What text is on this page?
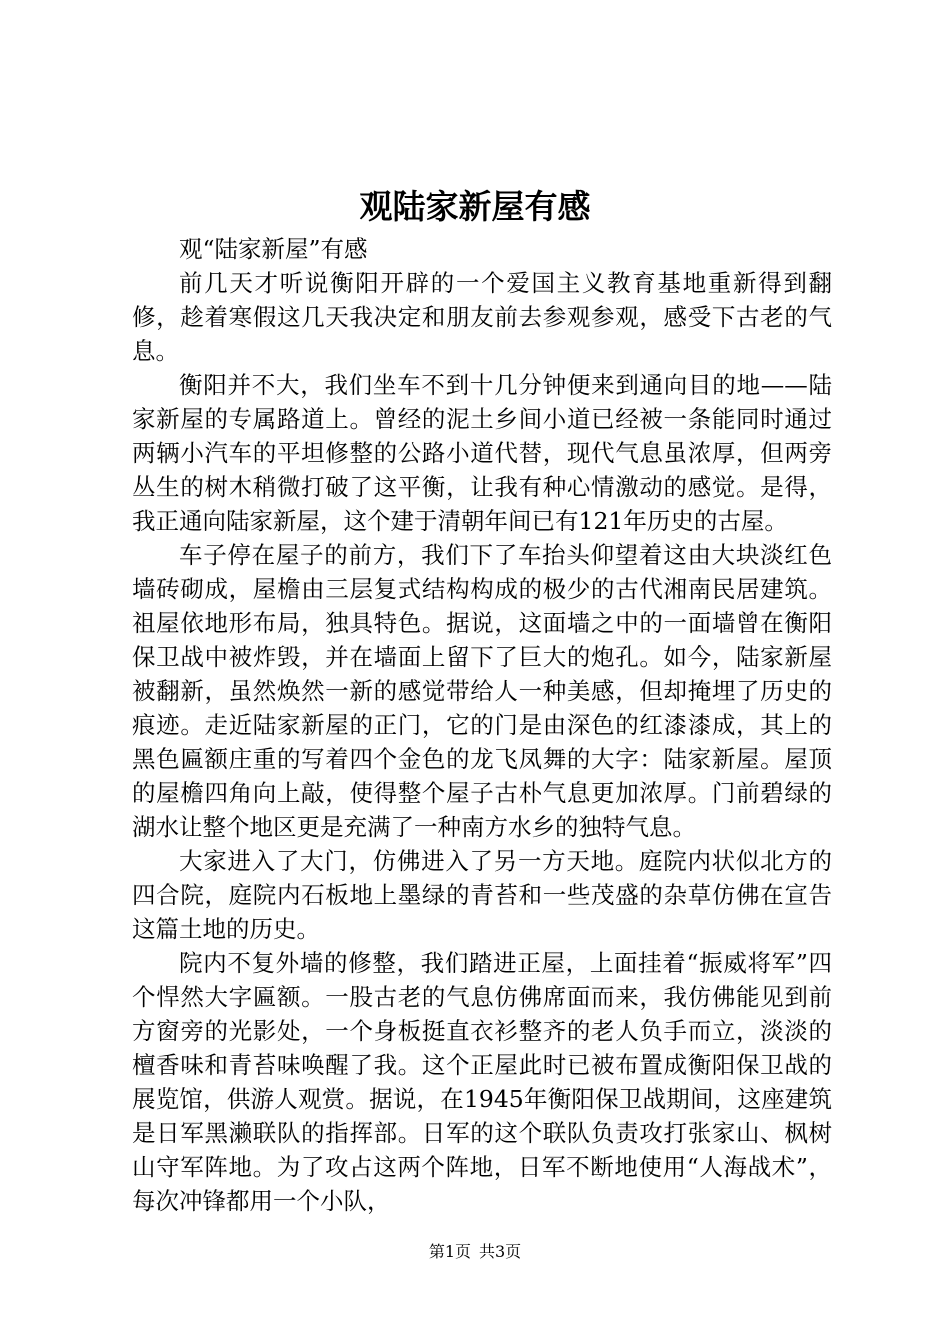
观陆家新屋有感

观“陆家新屋”有感

前几天才听说衡阳开辟的一个爱国主义教育基地重新得到翻修，趁着寒假这几天我决定和朋友前去参观参观，感受下古老的气息。

衡阳并不大，我们坐车不到十几分钟便来到通向目的地——陆家新屋的专属路道上。曾经的泥土乡间小道已经被一条能同时通过两辆小汽车的平坦修整的公路小道代替，现代气息虽浓厚，但两旁丛生的树木稍微打破了这平衡，让我有种心情激动的感觉。是得，我正通向陆家新屋，这个建于清朝年间已有121年历史的古屋。

车子停在屋子的前方，我们下了车抬头仰望着这由大块淡红色墙砖砌成，屋檐由三层复式结构构成的极少的古代湘南民居建筑。祖屋依地形布局，独具特色。据说，这面墙之中的一面墙曾在衡阳保卫战中被炸毁，并在墙面上留下了巨大的炮孔。如今，陆家新屋被翻新，虽然焕然一新的感觉带给人一种美感，但却掩埋了历史的痕迹。走近陆家新屋的正门，它的门是由深色的红漆漆成，其上的黑色匾额庄重的写着四个金色的龙飞凤舞的大字：陆家新屋。屋顶的屋檐四角向上敲，使得整个屋子古朴气息更加浓厚。门前碧绿的湖水让整个地区更是充满了一种南方水乡的独特气息。

大家进入了大门，仿佛进入了另一方天地。庭院内状似北方的四合院，庭院内石板地上墨绿的青苔和一些茂盛的杂草仿佛在宣告这篇土地的历史。

院内不复外墙的修整，我们踏进正屋，上面挂着“振威将军”四个悍然大字匾额。一股古老的气息仿佛席面而来，我仿佛能见到前方窗旁的光影处，一个身板挺直衣衫整齐的老人负手而立，淡淡的檀香味和青苔味唤醒了我。这个正屋此时已被布置成衡阳保卫战的展览馆，供游人观赏。据说，在1945年衡阳保卫战期间，这座建筑是日军黑濑联队的指挥部。日军的这个联队负责攻打张家山、枫树山守军阵地。为了攻占这两个阵地，日军不断地使用“人海战术”，每次冲锋都用一个小队，

第1页 共3页
